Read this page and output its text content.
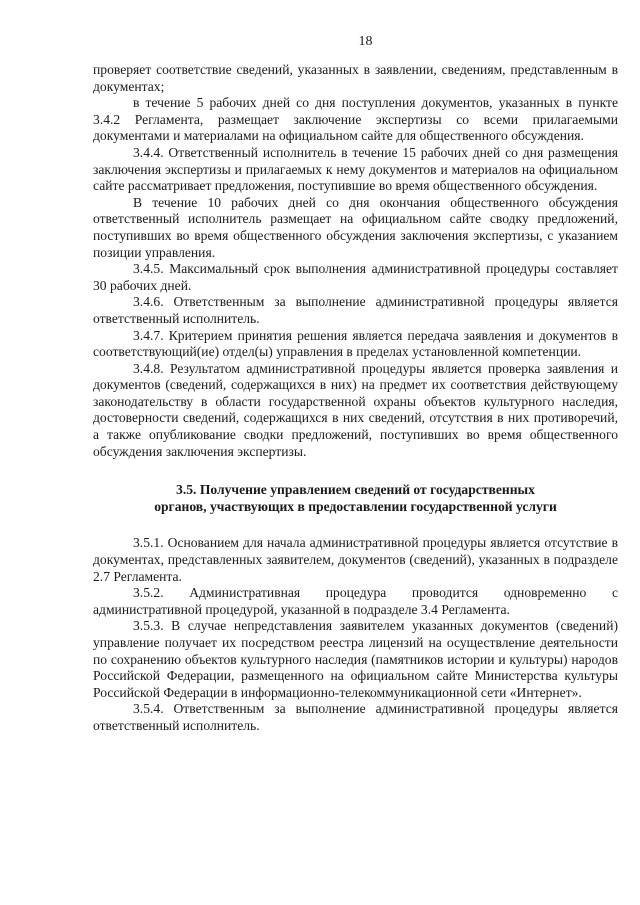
18

проверяет соответствие сведений, указанных в заявлении, сведениям, представленным в документах;

в течение 5 рабочих дней со дня поступления документов, указанных в пункте 3.4.2 Регламента, размещает заключение экспертизы со всеми прилагаемыми документами и материалами на официальном сайте для общественного обсуждения.

3.4.4. Ответственный исполнитель в течение 15 рабочих дней со дня размещения заключения экспертизы и прилагаемых к нему документов и материалов на официальном сайте рассматривает предложения, поступившие во время общественного обсуждения.

В течение 10 рабочих дней со дня окончания общественного обсуждения ответственный исполнитель размещает на официальном сайте сводку предложений, поступивших во время общественного обсуждения заключения экспертизы, с указанием позиции управления.

3.4.5. Максимальный срок выполнения административной процедуры составляет 30 рабочих дней.

3.4.6. Ответственным за выполнение административной процедуры является ответственный исполнитель.

3.4.7. Критерием принятия решения является передача заявления и документов в соответствующий(ие) отдел(ы) управления в пределах установленной компетенции.

3.4.8. Результатом административной процедуры является проверка заявления и документов (сведений, содержащихся в них) на предмет их соответствия действующему законодательству в области государственной охраны объектов культурного наследия, достоверности сведений, содержащихся в них сведений, отсутствия в них противоречий, а также опубликование сводки предложений, поступивших во время общественного обсуждения заключения экспертизы.

3.5. Получение управлением сведений от государственных
органов, участвующих в предоставлении государственной услуги

3.5.1. Основанием для начала административной процедуры является отсутствие в документах, представленных заявителем, документов (сведений), указанных в подразделе 2.7 Регламента.

3.5.2. Административная процедура проводится одновременно с административной процедурой, указанной в подразделе 3.4 Регламента.

3.5.3. В случае непредставления заявителем указанных документов (сведений) управление получает их посредством реестра лицензий на осуществление деятельности по сохранению объектов культурного наследия (памятников истории и культуры) народов Российской Федерации, размещенного на официальном сайте Министерства культуры Российской Федерации в информационно-телекоммуникационной сети «Интернет».

3.5.4. Ответственным за выполнение административной процедуры является ответственный исполнитель.
